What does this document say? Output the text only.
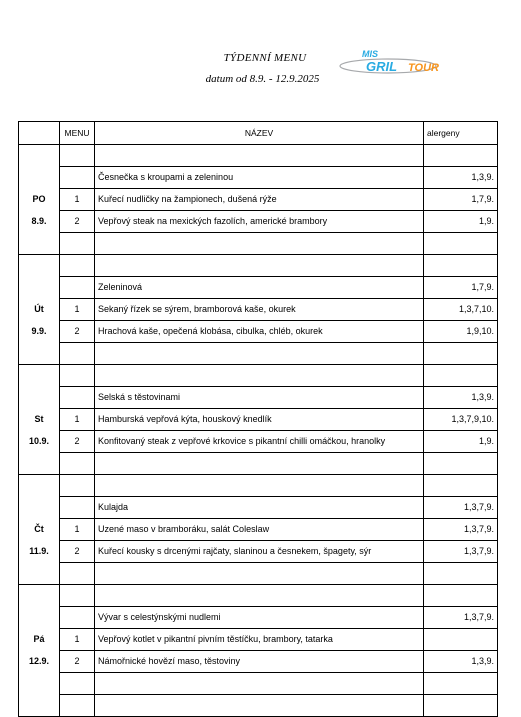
TÝDENNÍ MENU
datum od 8.9. - 12.9.2025
MIS
GRIL TOUR
	MENU	NÁZEV	alergeny

		Česnečka s kroupami a zeleninou	1,3,9.
PO	1	Kuřecí nudličky na žampionech, dušená rýže	1,7,9.
8.9.	2	Vepřový steak na mexických fazolích, americké brambory	1,9.

		Zeleninová	1,7,9.
Út	1	Sekaný řízek se sýrem, bramborová kaše, okurek	1,3,7,10.
9.9.	2	Hrachová kaše, opečená klobása, cibulka, chléb, okurek	1,9,10.

		Selská s těstovinami	1,3,9.
St	1	Hamburská vepřová kýta, houskový knedlík	1,3,7,9,10.
10.9.	2	Konfitovaný steak z vepřové krkovice s pikantní chilli omáčkou, hranolky	1,9.

		Kulajda	1,3,7,9.
Čt	1	Uzené maso v bramboráku, salát Coleslaw	1,3,7,9.
11.9.	2	Kuřecí kousky s drcenými rajčaty, slaninou a česnekem, špagety, sýr	1,3,7,9.

		Vývar s celestýnskými nudlemi	1,3,7,9.
Pá	1	Vepřový kotlet v pikantní pivním těstíčku, brambory, tatarka	
12.9.	2	Námořnické hovězí maso, těstoviny	1,3,9.
